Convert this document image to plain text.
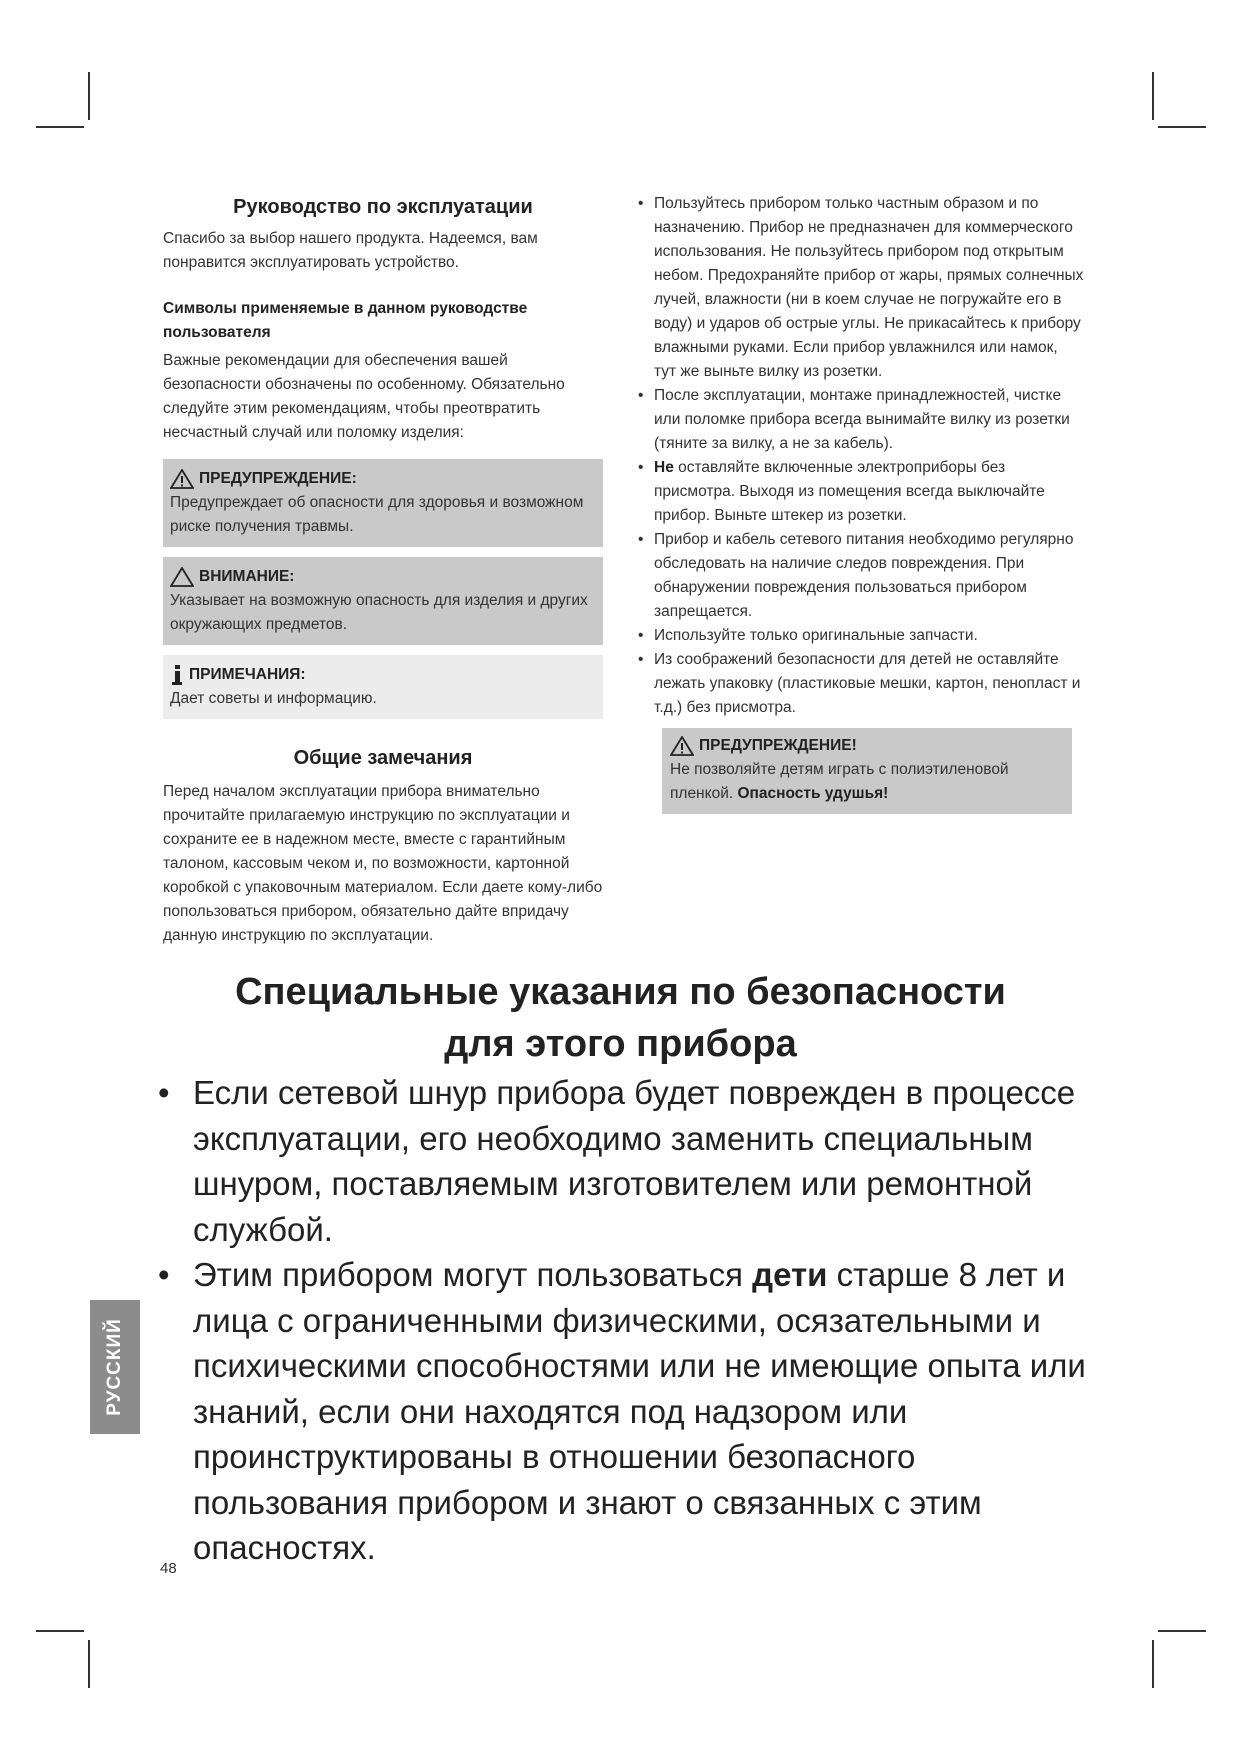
Руководство по эксплуатации

Спасибо за выбор нашего продукта. Надеемся, вам понравится эксплуатировать устройство.

Символы применяемые в данном руководстве пользователя

Важные рекомендации для обеспечения вашей безопасности обозначены по особенному. Обязательно следуйте этим рекомендациям, чтобы преотвратить несчастный случай или поломку изделия:

ПРЕДУПРЕЖДЕНИЕ:
Предупреждает об опасности для здоровья и возможном риске получения травмы.
ВНИМАНИЕ:
Указывает на возможную опасность для изделия и других окружающих предметов.
ПРИМЕЧАНИЯ:
Дает советы и информацию.
Общие замечания

Перед началом эксплуатации прибора внимательно прочитайте прилагаемую инструкцию по эксплуатации и сохраните ее в надежном месте, вместе с гарантийным талоном, кассовым чеком и, по возможности, картонной коробкой с упаковочным материалом. Если даете кому-либо попользоваться прибором, обязательно дайте впридачу данную инструкцию по эксплуатации.

• Пользуйтесь прибором только частным образом и по назначению. Прибор не предназначен для коммерческого использования. Не пользуйтесь прибором под открытым небом. Предохраняйте прибор от жары, прямых солнечных лучей, влажности (ни в коем случае не погружайте его в воду) и ударов об острые углы. Не прикасайтесь к прибору влажными руками. Если прибор увлажнился или намок, тут же выньте вилку из розетки.
• После эксплуатации, монтаже принадлежностей, чистке или поломке прибора всегда вынимайте вилку из розетки (тяните за вилку, а не за кабель).
• Не оставляйте включенные электроприборы без присмотра. Выходя из помещения всегда выключайте прибор. Выньте штекер из розетки.
• Прибор и кабель сетевого питания необходимо регулярно обследовать на наличие следов повреждения. При обнаружении повреждения пользоваться прибором запрещается.
• Используйте только оригинальные запчасти.
• Из соображений безопасности для детей не оставляйте лежать упаковку (пластиковые мешки, картон, пенопласт и т.д.) без присмотра.
ПРЕДУПРЕЖДЕНИЕ!
Не позволяйте детям играть с полиэтиленовой пленкой. Опасность удушья!
Специальные указания по безопасности
для этого прибора
• Если сетевой шнур прибора будет поврежден в процессе эксплуатации, его необходимо заменить специальным шнуром, поставляемым изготовителем или ремонтной службой.
• Этим прибором могут пользоваться дети старше 8 лет и лица с ограниченными физическими, осязательными и психическими способностями или не имеющие опыта или знаний, если они находятся под надзором или проинструктированы в отношении безопасного пользования прибором и знают о связанных с этим опасностях.
РУССКИЙ
48
